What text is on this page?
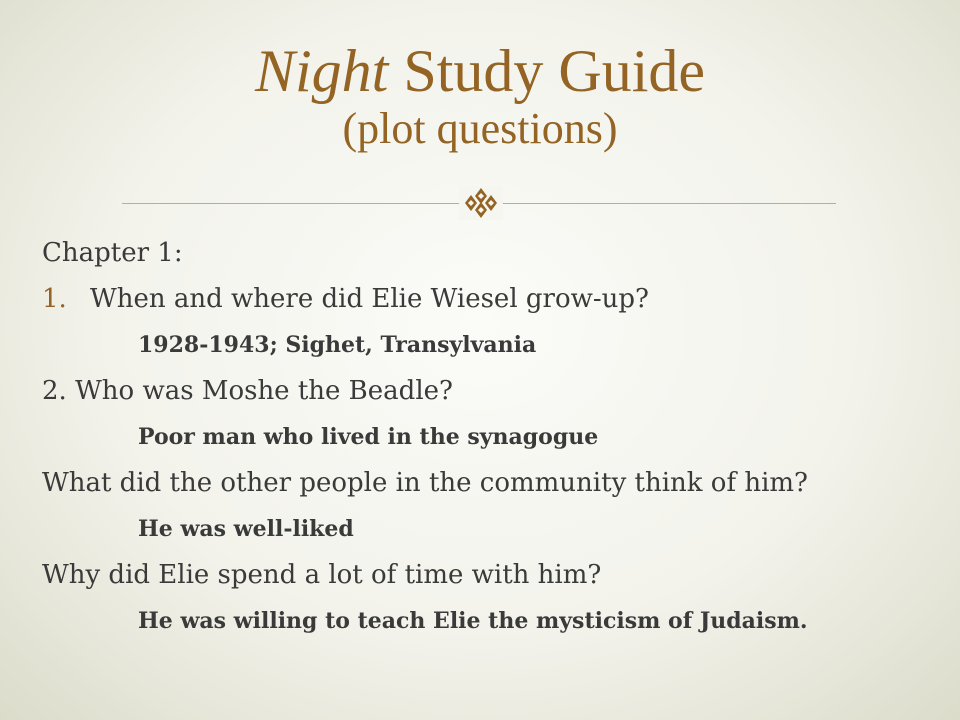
Night Study Guide
(plot questions)
Chapter 1:
1. When and where did Elie Wiesel grow-up?
1928-1943; Sighet, Transylvania
2. Who was Moshe the Beadle?
Poor man who lived in the synagogue
What did the other people in the community think of him?
He was well-liked
Why did Elie spend a lot of time with him?
He was willing to teach Elie the mysticism of Judaism.
